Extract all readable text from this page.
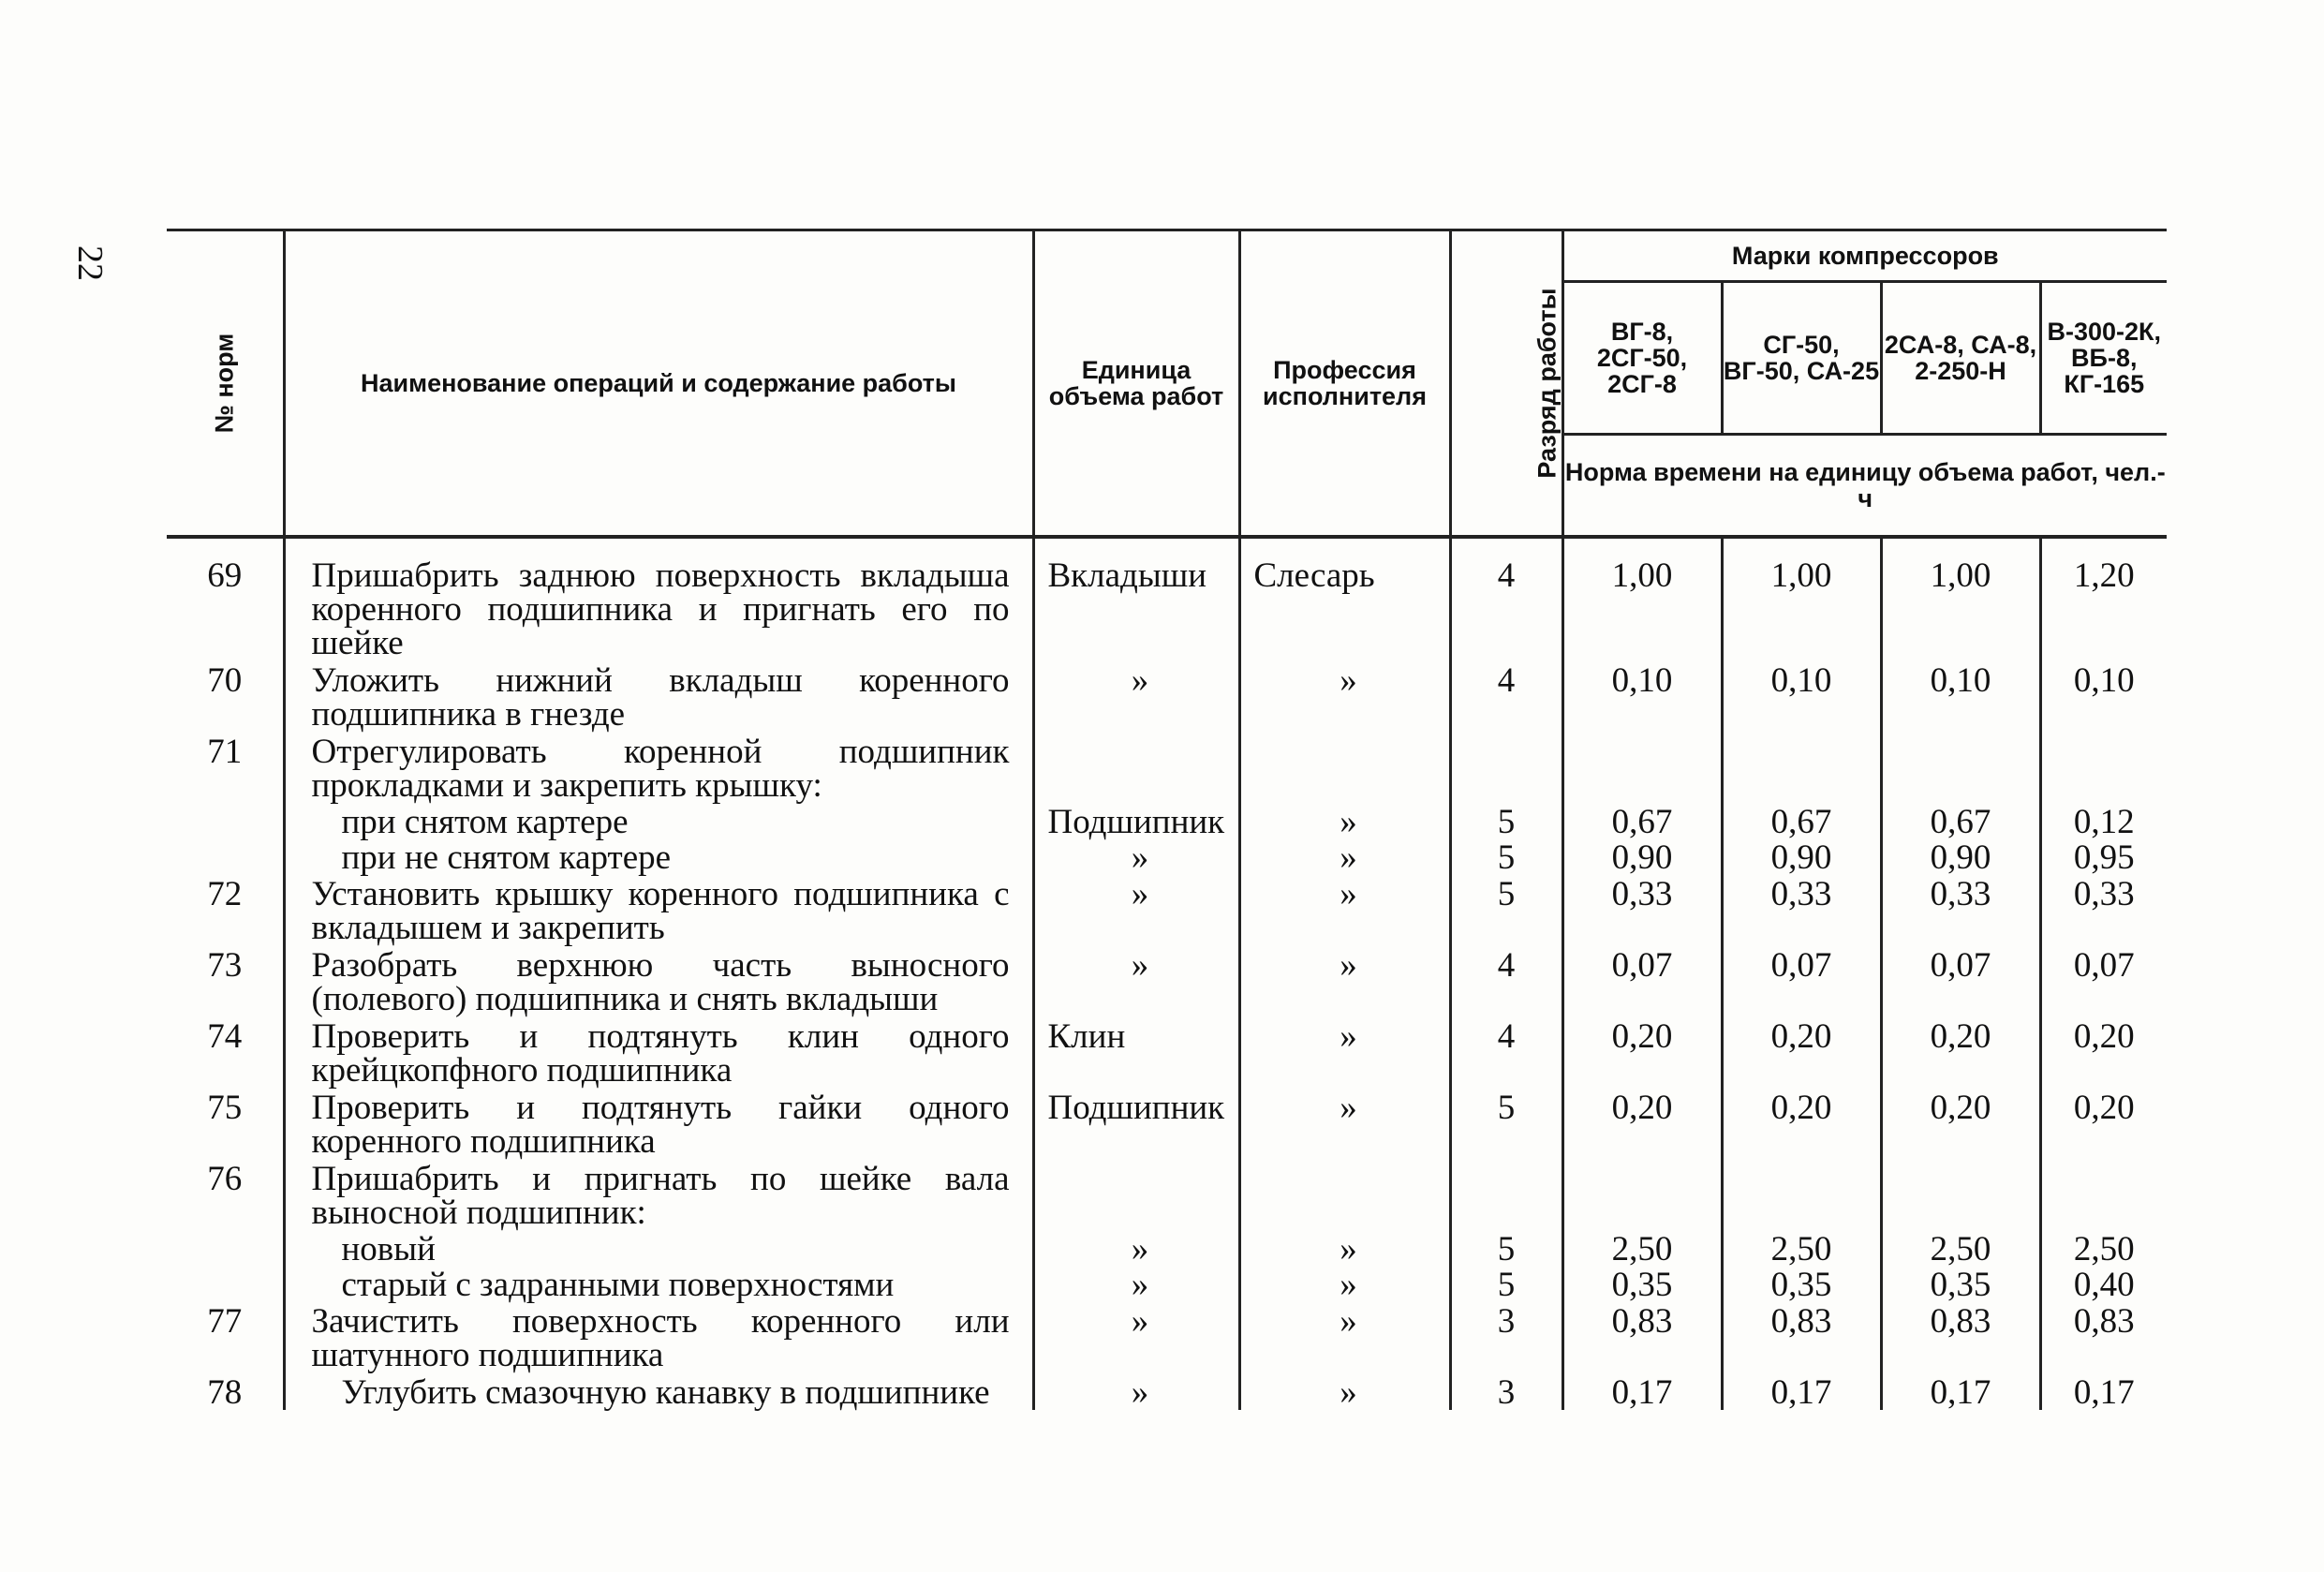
22
№ норм	Наименование операций и содержание работы	Единица объема работ	Профессия исполнителя	Разряд работы	Марки компрессоров			
					ВГ-8, 2СГ-50, 2СГ-8	СГ-50, ВГ-50, СА-25	2СА-8, СА-8, 2-250-Н	В-300-2К, ВБ-8, КГ-165
					Норма времени на единицу объема работ, чел.-ч			
69	Пришабрить заднюю поверхность вкладыша коренного подшипника и пригнать его по шейке	Вкладыши	Слесарь	4	1,00	1,00	1,00	1,20
70	Уложить нижний вкладыш коренного подшипника в гнезде	»	»	4	0,10	0,10	0,10	0,10
71	Отрегулировать коренной подшипник прокладками и закрепить крышку:							
	при снятом картере	Подшипник	»	5	0,67	0,67	0,67	0,12
	при не снятом картере	»	»	5	0,90	0,90	0,90	0,95
72	Установить крышку коренного подшипника с вкладышем и закрепить	»	»	5	0,33	0,33	0,33	0,33
73	Разобрать верхнюю часть выносного (полевого) подшипника и снять вкладыши	»	»	4	0,07	0,07	0,07	0,07
74	Проверить и подтянуть клин одного крейцкопфного подшипника	Клин	»	4	0,20	0,20	0,20	0,20
75	Проверить и подтянуть гайки одного коренного подшипника	Подшипник	»	5	0,20	0,20	0,20	0,20
76	Пришабрить и пригнать по шейке вала выносной подшипник:							
	новый	»	»	5	2,50	2,50	2,50	2,50
	старый с задранными поверхностями	»	»	5	0,35	0,35	0,35	0,40
77	Зачистить поверхность коренного или шатунного подшипника	»	»	3	0,83	0,83	0,83	0,83
78	Углубить смазочную канавку в подшипнике	»	»	3	0,17	0,17	0,17	0,17
